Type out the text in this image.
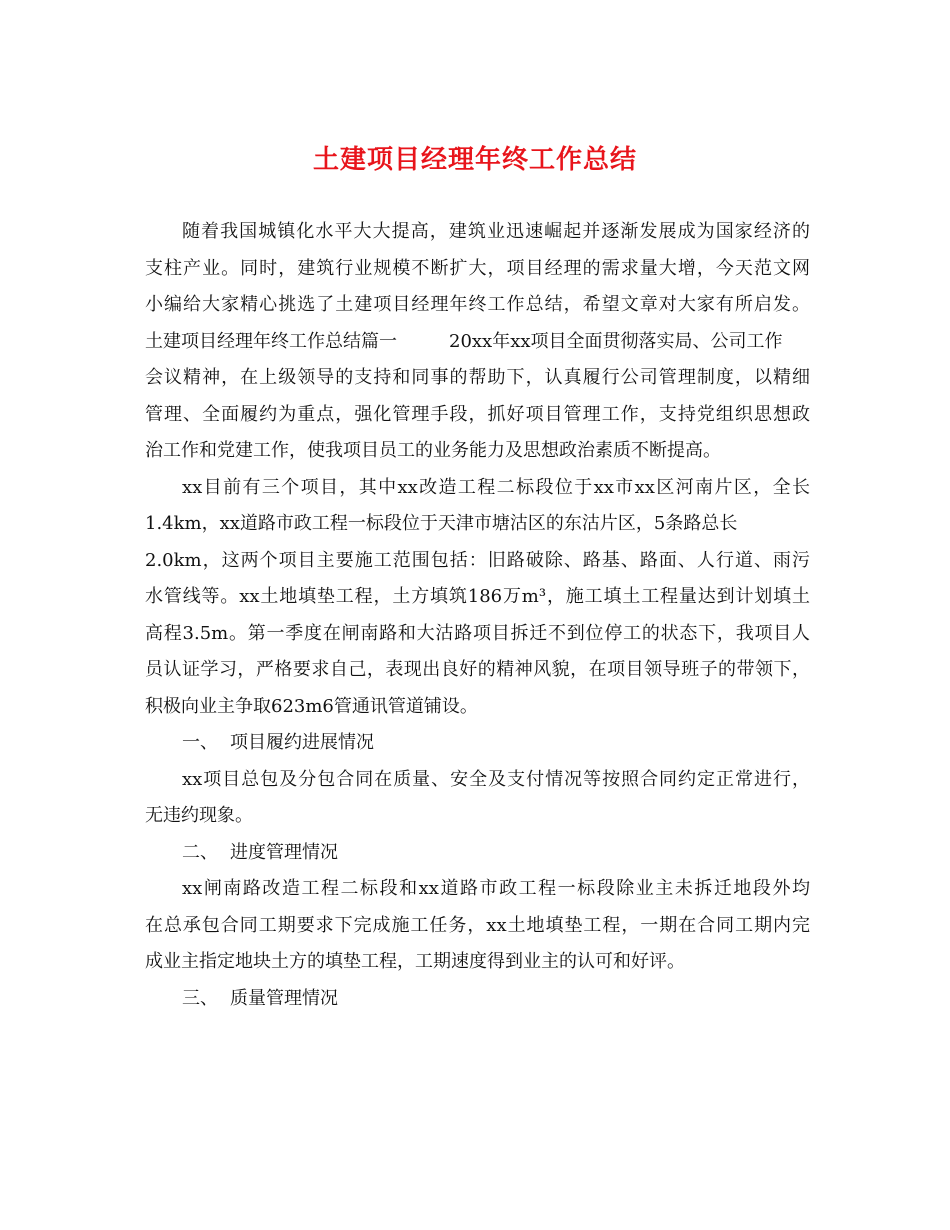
土建项目经理年终工作总结
随着我国城镇化水平大大提高，建筑业迅速崛起并逐渐发展成为国家经济的
支柱产业。同时，建筑行业规模不断扩大，项目经理的需求量大增，今天范文网
小编给大家精心挑选了土建项目经理年终工作总结，希望文章对大家有所启发。
土建项目经理年终工作总结篇一	20xx年xx项目全面贯彻落实局、公司工作
会议精神，在上级领导的支持和同事的帮助下，认真履行公司管理制度，以精细
管理、全面履约为重点，强化管理手段，抓好项目管理工作，支持党组织思想政
治工作和党建工作，使我项目员工的业务能力及思想政治素质不断提高。
xx目前有三个项目，其中xx改造工程二标段位于xx市xx区河南片区，全长
1.4km，xx道路市政工程一标段位于天津市塘沽区的东沽片区，5条路总长
2.0km，这两个项目主要施工范围包括：旧路破除、路基、路面、人行道、雨污
水管线等。xx土地填垫工程，土方填筑186万m³，施工填土工程量达到计划填土
高程3.5m。第一季度在闸南路和大沽路项目拆迁不到位停工的状态下，我项目人
员认证学习，严格要求自己，表现出良好的精神风貌，在项目领导班子的带领下，
积极向业主争取623m6管通讯管道铺设。
一、 项目履约进展情况
xx项目总包及分包合同在质量、安全及支付情况等按照合同约定正常进行，
无违约现象。
二、 进度管理情况
xx闸南路改造工程二标段和xx道路市政工程一标段除业主未拆迁地段外均
在总承包合同工期要求下完成施工任务，xx土地填垫工程，一期在合同工期内完
成业主指定地块土方的填垫工程，工期速度得到业主的认可和好评。
三、 质量管理情况
